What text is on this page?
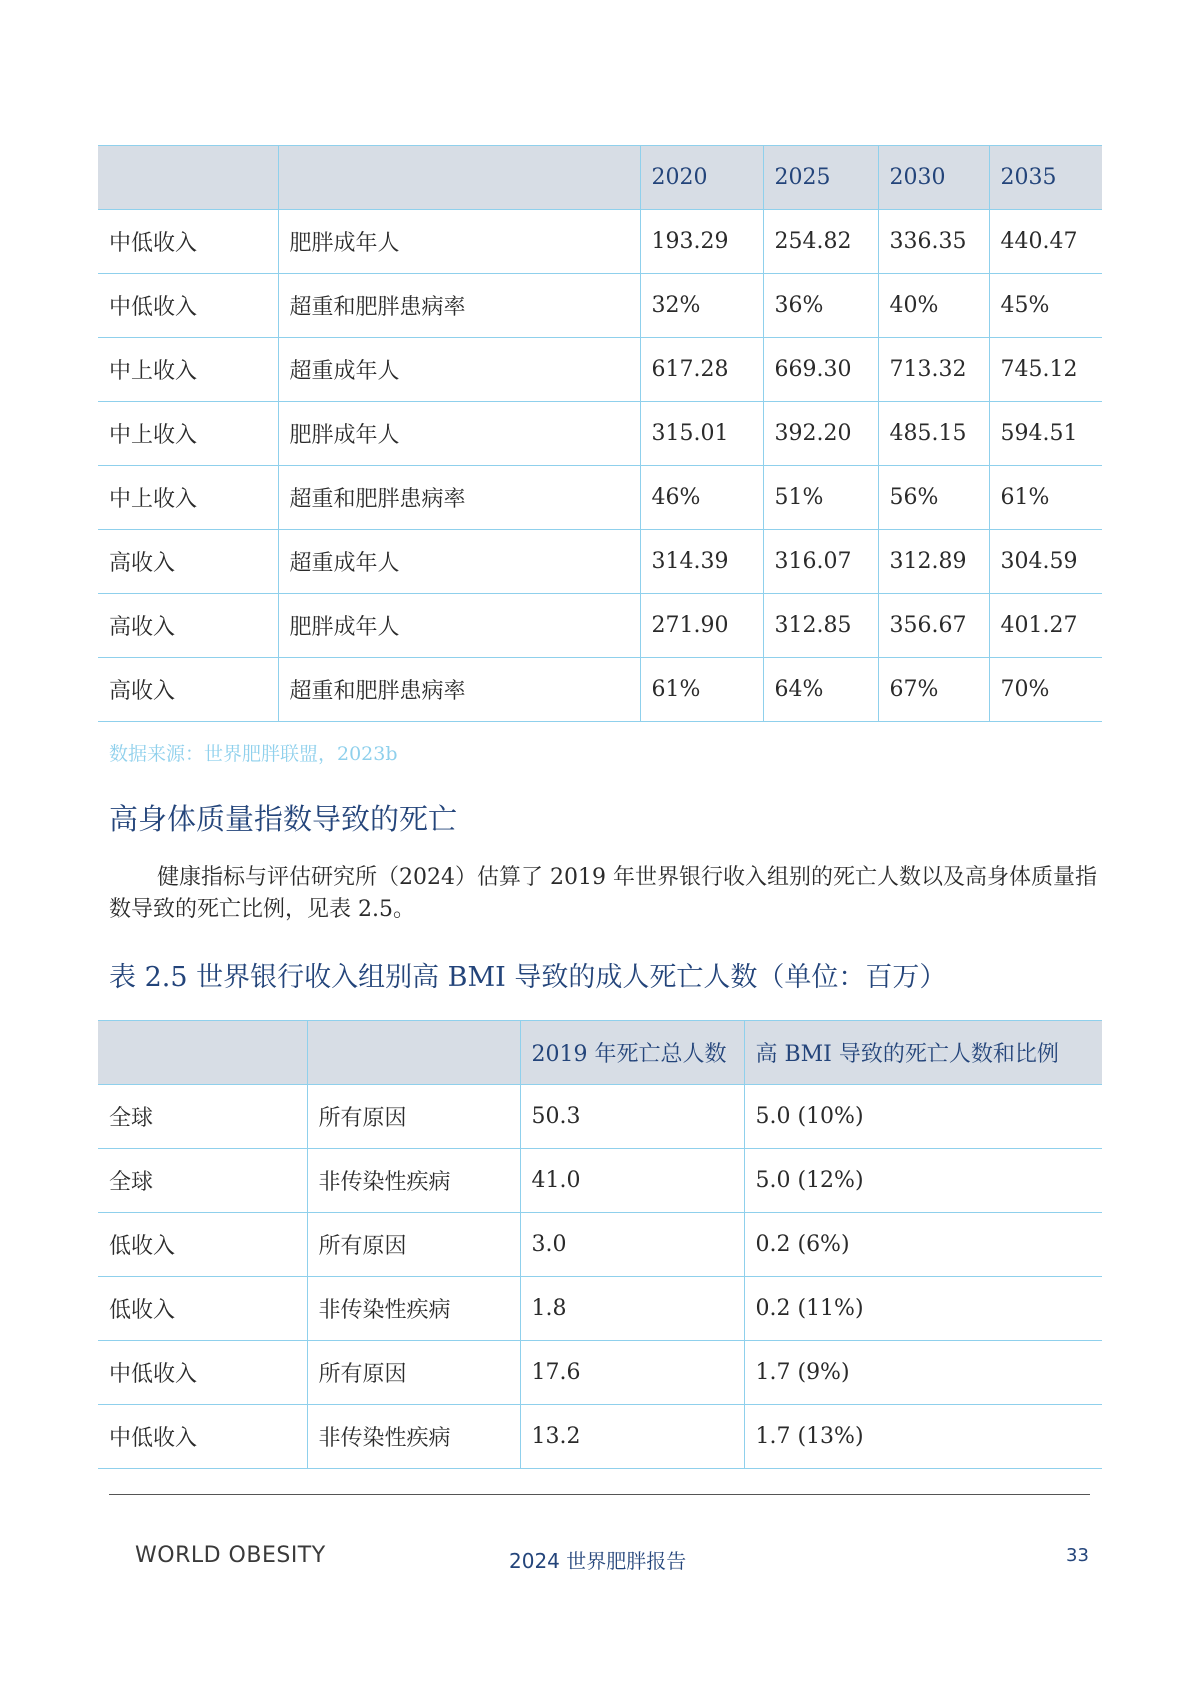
		2020	2025	2030	2035
中低收入	肥胖成年人	193.29	254.82	336.35	440.47
中低收入	超重和肥胖患病率	32%	36%	40%	45%
中上收入	超重成年人	617.28	669.30	713.32	745.12
中上收入	肥胖成年人	315.01	392.20	485.15	594.51
中上收入	超重和肥胖患病率	46%	51%	56%	61%
高收入	超重成年人	314.39	316.07	312.89	304.59
高收入	肥胖成年人	271.90	312.85	356.67	401.27
高收入	超重和肥胖患病率	61%	64%	67%	70%
数据来源：世界肥胖联盟，2023b
高身体质量指数导致的死亡

健康指标与评估研究所（2024）估算了 2019 年世界银行收入组别的死亡人数以及高身体质量指数导致的死亡比例，见表 2.5。

表 2.5 世界银行收入组别高 BMI 导致的成人死亡人数（单位：百万）
		2019 年死亡总人数	高 BMI 导致的死亡人数和比例
全球	所有原因	50.3	5.0 (10%)
全球	非传染性疾病	41.0	5.0 (12%)
低收入	所有原因	3.0	0.2 (6%)
低收入	非传染性疾病	1.8	0.2 (11%)
中低收入	所有原因	17.6	1.7 (9%)
中低收入	非传染性疾病	13.2	1.7 (13%)
WORLD OBESITY	2024 世界肥胖报告	33
